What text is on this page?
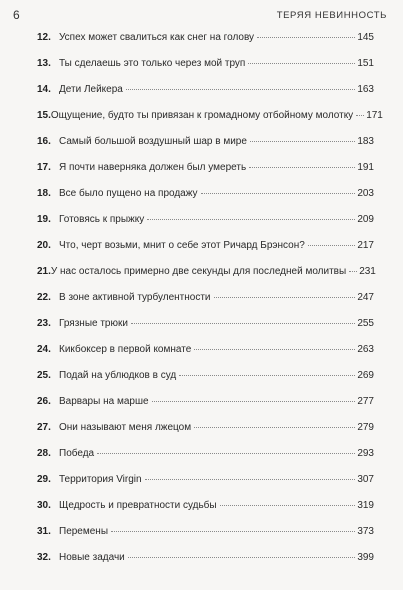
6	ТЕРЯЯ НЕВИННОСТЬ
12. Успех может свалиться как снег на голову	145
13. Ты сделаешь это только через мой труп	151
14. Дети Лейкера	163
15. Ощущение, будто ты привязан к громадному отбойному молотку 171
16. Самый большой воздушный шар в мире	183
17. Я почти наверняка должен был умереть	191
18. Все было пущено на продажу	203
19. Готовясь к прыжку	209
20. Что, черт возьми, мнит о себе этот Ричард Брэнсон?	217
21. У нас осталось примерно две секунды для последней молитвы 231
22. В зоне активной турбулентности	247
23. Грязные трюки	255
24. Кикбоксер в первой комнате	263
25. Подай на ублюдков в суд	269
26. Варвары на марше	277
27. Они называют меня лжецом	279
28. Победа	293
29. Территория Virgin	307
30. Щедрость и превратности судьбы	319
31. Перемены	373
32. Новые задачи	399
